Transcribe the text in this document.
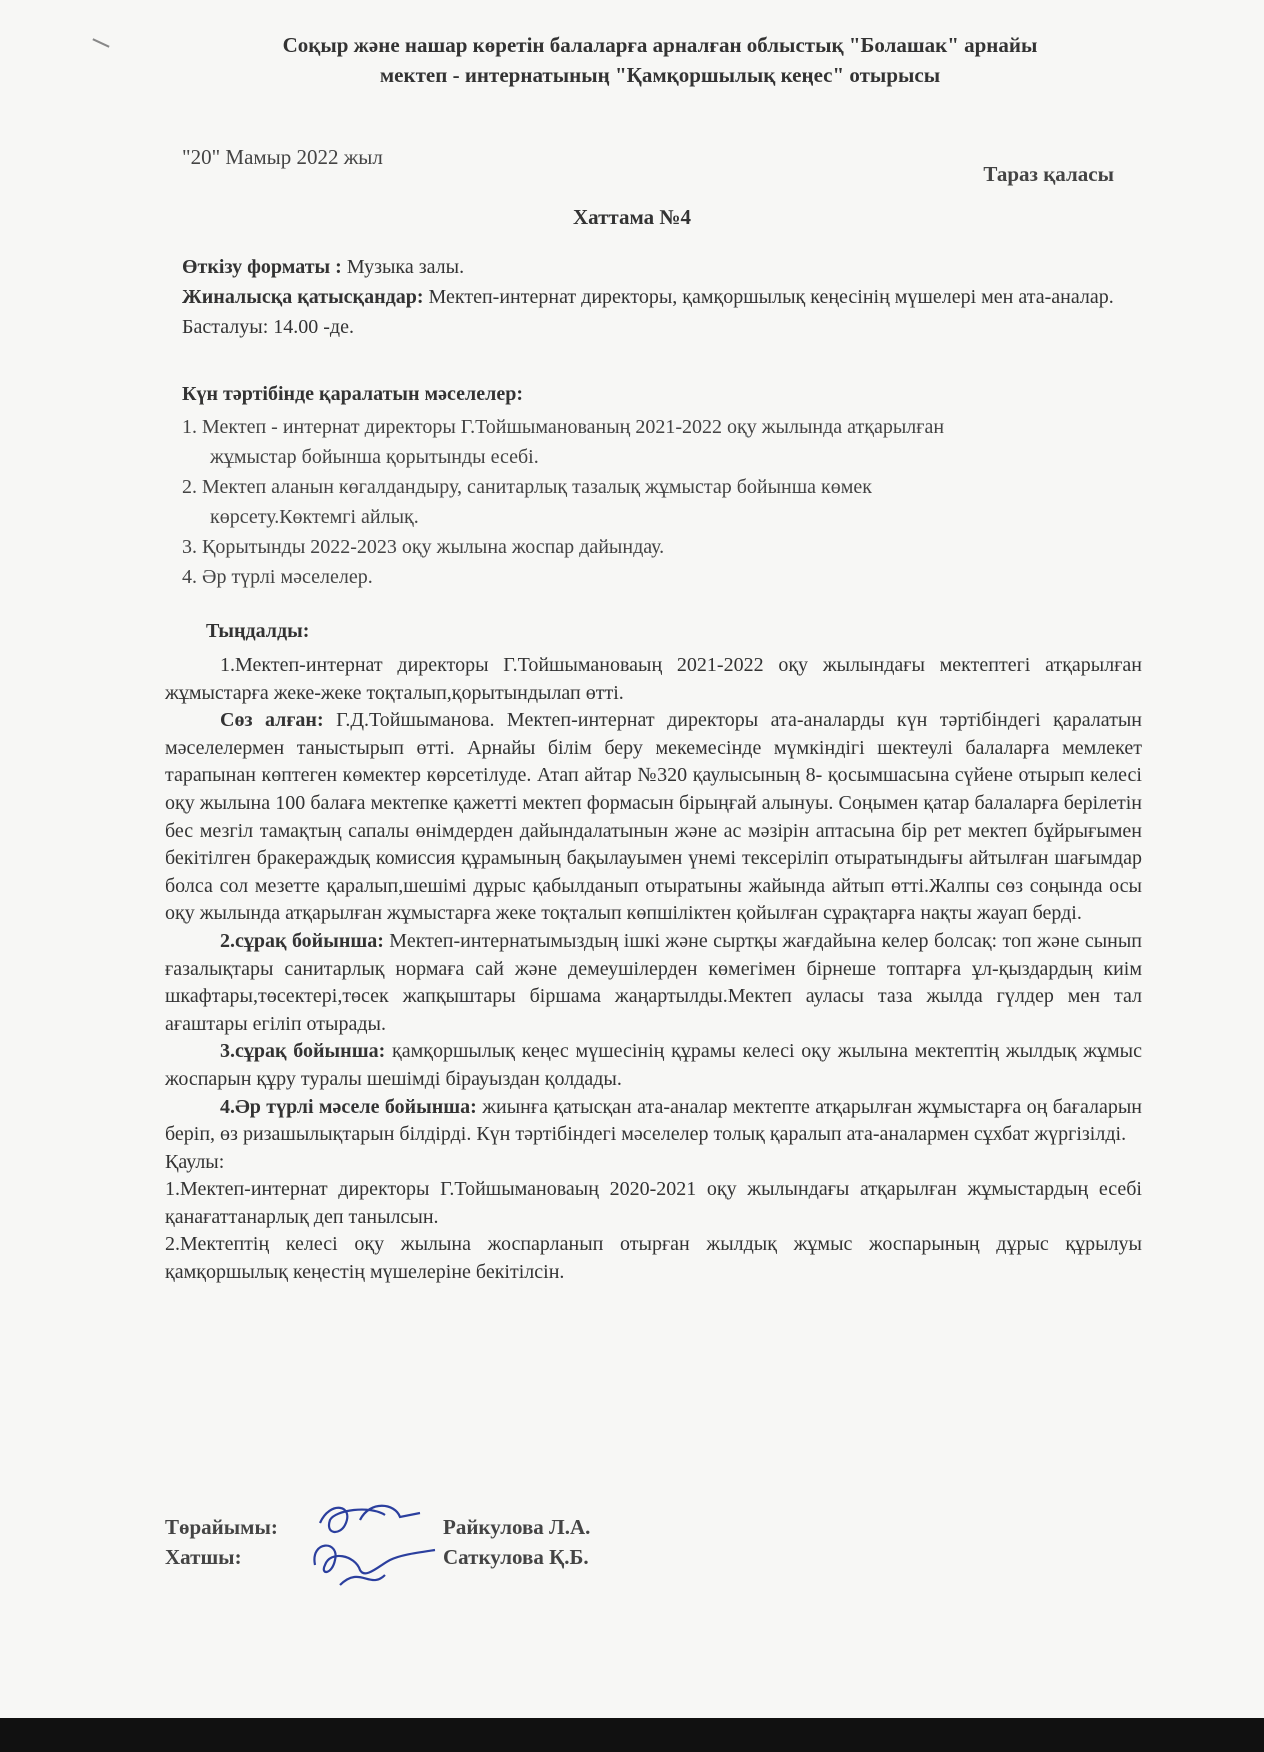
Соқыр және нашар көретін балаларға арналған облыстық "Болашак" арнайы
мектеп - интернатының "Қамқоршылық кеңес" отырысы
"20" Мамыр 2022 жыл
Тараз қаласы
Хаттама №4
Өткізу форматы : Музыка залы.
Жиналысқа қатысқандар: Мектеп-интернат директоры, қамқоршылық кеңесінің мүшелері мен ата-аналар.
Басталуы: 14.00 -де.
Күн тәртібінде қаралатын мәселелер:
1. Мектеп - интернат директоры Г.Тойшыманованың 2021-2022 оқу жылында атқарылған жұмыстар бойынша қорытынды есебі.
2. Мектеп аланын көгалдандыру, санитарлық тазалық жұмыстар бойынша көмек көрсету.Көктемгі айлық.
3. Қорытынды 2022-2023 оқу жылына жоспар дайындау.
4. Әр түрлі мәселелер.
Тыңдалды:

1.Мектеп-интернат директоры Г.Тойшымановаың 2021-2022 оқу жылындағы мектептегі атқарылған жұмыстарға жеке-жеке тоқталып,қорытындылап өтті.

Сөз алған: Г.Д.Тойшыманова. Мектеп-интернат директоры ата-аналарды күн тәртібіндегі қаралатын мәселелермен таныстырып өтті. Арнайы білім беру мекемесінде мүмкіндігі шектеулі балаларға мемлекет тарапынан көптеген көмектер көрсетілуде. Атап айтар №320 қаулысының 8- қосымшасына сүйене отырып келесі оқу жылына 100 балаға мектепке қажетті мектеп формасын бірыңғай алынуы. Соңымен қатар балаларға берілетін бес мезгіл тамақтың сапалы өнімдерден дайындалатынын және ас мәзірін аптасына бір рет мектеп бұйрығымен бекітілген бракераждық комиссия құрамының бақылауымен үнемі тексеріліп отыратындығы айтылған шағымдар болса сол мезетте қаралып,шешімі дұрыс қабылданып отыратыны жайында айтып өтті.Жалпы сөз соңында осы оқу жылында атқарылған жұмыстарға жеке тоқталып көпшіліктен қойылған сұрақтарға нақты жауап берді.

2.сұрақ бойынша: Мектеп-интернатымыздың ішкі және сыртқы жағдайына келер болсақ: топ және сынып ғазалықтары санитарлық нормаға сай және демеушілерден көмегімен бірнеше топтарға ұл-қыздардың киім шкафтары,төсектері,төсек жапқыштары біршама жаңартылды.Мектеп ауласы таза жылда гүлдер мен тал ағаштары егіліп отырады.

3.сұрақ бойынша: қамқоршылық кеңес мүшесінің құрамы келесі оқу жылына мектептің жылдық жұмыс жоспарын құру туралы шешімді бірауыздан қолдады.

4.Әр түрлі мәселе бойынша: жиынға қатысқан ата-аналар мектепте атқарылған жұмыстарға оң бағаларын беріп, өз ризашылықтарын білдірді. Күн тәртібіндегі мәселелер толық қаралып ата-аналармен сұхбат жүргізілді.

Қаулы:

1.Мектеп-интернат директоры Г.Тойшымановаың 2020-2021 оқу жылындағы атқарылған жұмыстардың есебі қанағаттанарлық деп танылсын.

2.Мектептің келесі оқу жылына жоспарланып отырған жылдық жұмыс жоспарының дұрыс құрылуы қамқоршылық кеңестің мүшелеріне бекітілсін.

Төрайымы:
Хатшы:
Райкулова Л.А.
Саткулова Қ.Б.
